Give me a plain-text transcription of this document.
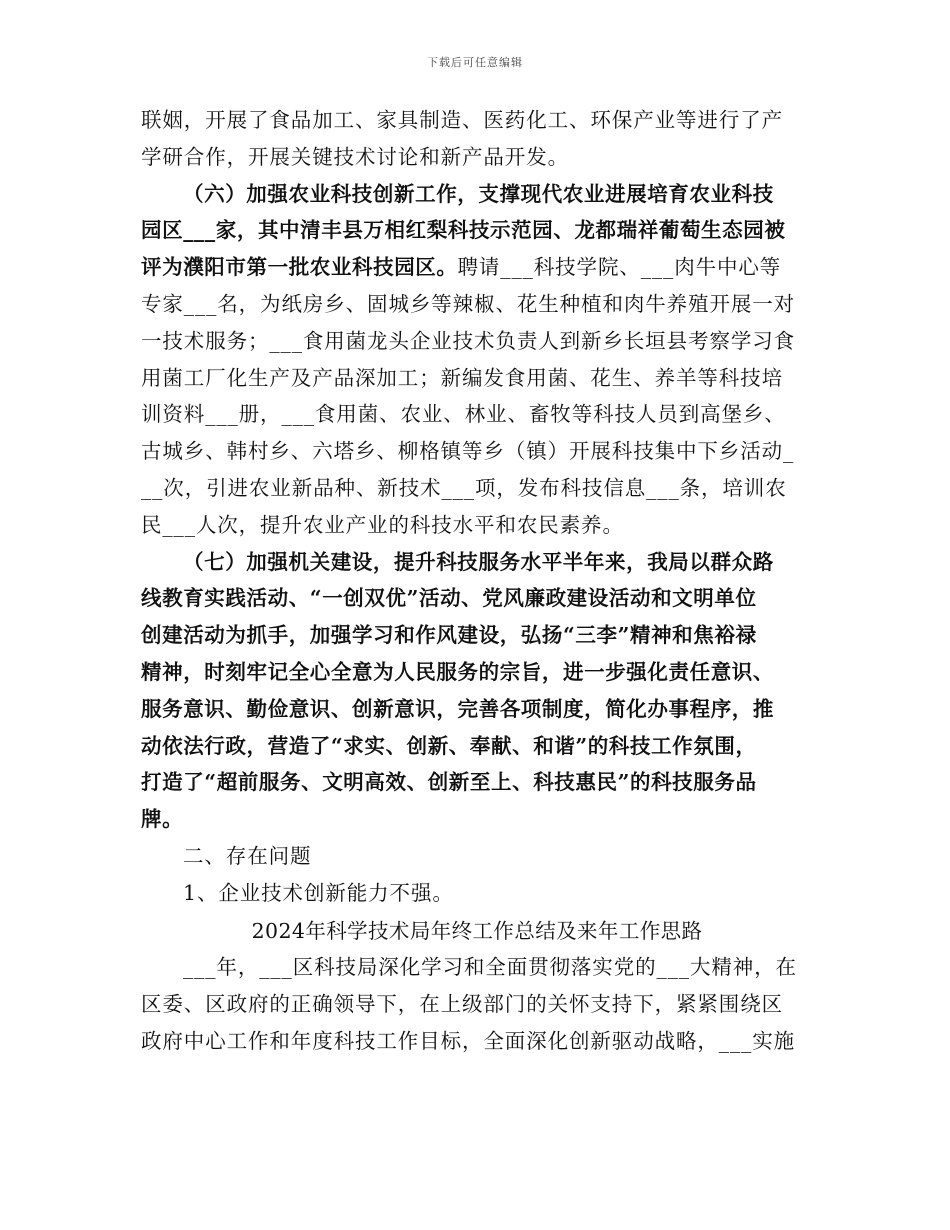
下载后可任意编辑
联姻，开展了食品加工、家具制造、医药化工、环保产业等进行了产
学研合作，开展关键技术讨论和新产品开发。
（六）加强农业科技创新工作，支撑现代农业进展培育农业科技
园区___家，其中清丰县万相红梨科技示范园、龙都瑞祥葡萄生态园被
评为濮阳市第一批农业科技园区。聘请___科技学院、___肉牛中心等
专家___名，为纸房乡、固城乡等辣椒、花生种植和肉牛养殖开展一对
一技术服务；___食用菌龙头企业技术负责人到新乡长垣县考察学习食
用菌工厂化生产及产品深加工；新编发食用菌、花生、养羊等科技培
训资料___册，___食用菌、农业、林业、畜牧等科技人员到高堡乡、
古城乡、韩村乡、六塔乡、柳格镇等乡（镇）开展科技集中下乡活动_
__次，引进农业新品种、新技术___项，发布科技信息___条，培训农
民___人次，提升农业产业的科技水平和农民素养。
（七）加强机关建设，提升科技服务水平半年来，我局以群众路
线教育实践活动、“一创双优”活动、党风廉政建设活动和文明单位
创建活动为抓手，加强学习和作风建设，弘扬“三李”精神和焦裕禄
精神，时刻牢记全心全意为人民服务的宗旨，进一步强化责任意识、
服务意识、勤俭意识、创新意识，完善各项制度，简化办事程序，推
动依法行政，营造了“求实、创新、奉献、和谐”的科技工作氛围，
打造了“超前服务、文明高效、创新至上、科技惠民”的科技服务品
牌。
二、存在问题
1、企业技术创新能力不强。
2024年科学技术局年终工作总结及来年工作思路
___年，___区科技局深化学习和全面贯彻落实党的___大精神，在
区委、区政府的正确领导下，在上级部门的关怀支持下，紧紧围绕区
政府中心工作和年度科技工作目标，全面深化创新驱动战略，___实施
